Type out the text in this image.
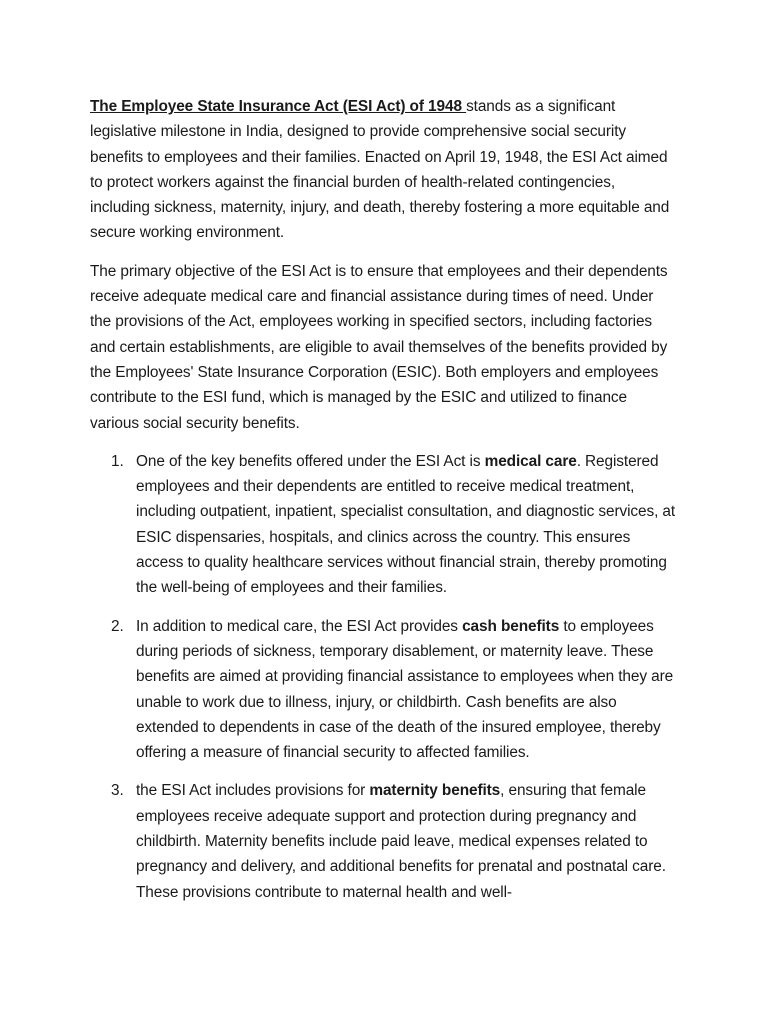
The Employee State Insurance Act (ESI Act) of 1948 stands as a significant legislative milestone in India, designed to provide comprehensive social security benefits to employees and their families. Enacted on April 19, 1948, the ESI Act aimed to protect workers against the financial burden of health-related contingencies, including sickness, maternity, injury, and death, thereby fostering a more equitable and secure working environment.

The primary objective of the ESI Act is to ensure that employees and their dependents receive adequate medical care and financial assistance during times of need. Under the provisions of the Act, employees working in specified sectors, including factories and certain establishments, are eligible to avail themselves of the benefits provided by the Employees' State Insurance Corporation (ESIC). Both employers and employees contribute to the ESI fund, which is managed by the ESIC and utilized to finance various social security benefits.

1. One of the key benefits offered under the ESI Act is medical care. Registered employees and their dependents are entitled to receive medical treatment, including outpatient, inpatient, specialist consultation, and diagnostic services, at ESIC dispensaries, hospitals, and clinics across the country. This ensures access to quality healthcare services without financial strain, thereby promoting the well-being of employees and their families.
2. In addition to medical care, the ESI Act provides cash benefits to employees during periods of sickness, temporary disablement, or maternity leave. These benefits are aimed at providing financial assistance to employees when they are unable to work due to illness, injury, or childbirth. Cash benefits are also extended to dependents in case of the death of the insured employee, thereby offering a measure of financial security to affected families.
3. the ESI Act includes provisions for maternity benefits, ensuring that female employees receive adequate support and protection during pregnancy and childbirth. Maternity benefits include paid leave, medical expenses related to pregnancy and delivery, and additional benefits for prenatal and postnatal care. These provisions contribute to maternal health and well-
